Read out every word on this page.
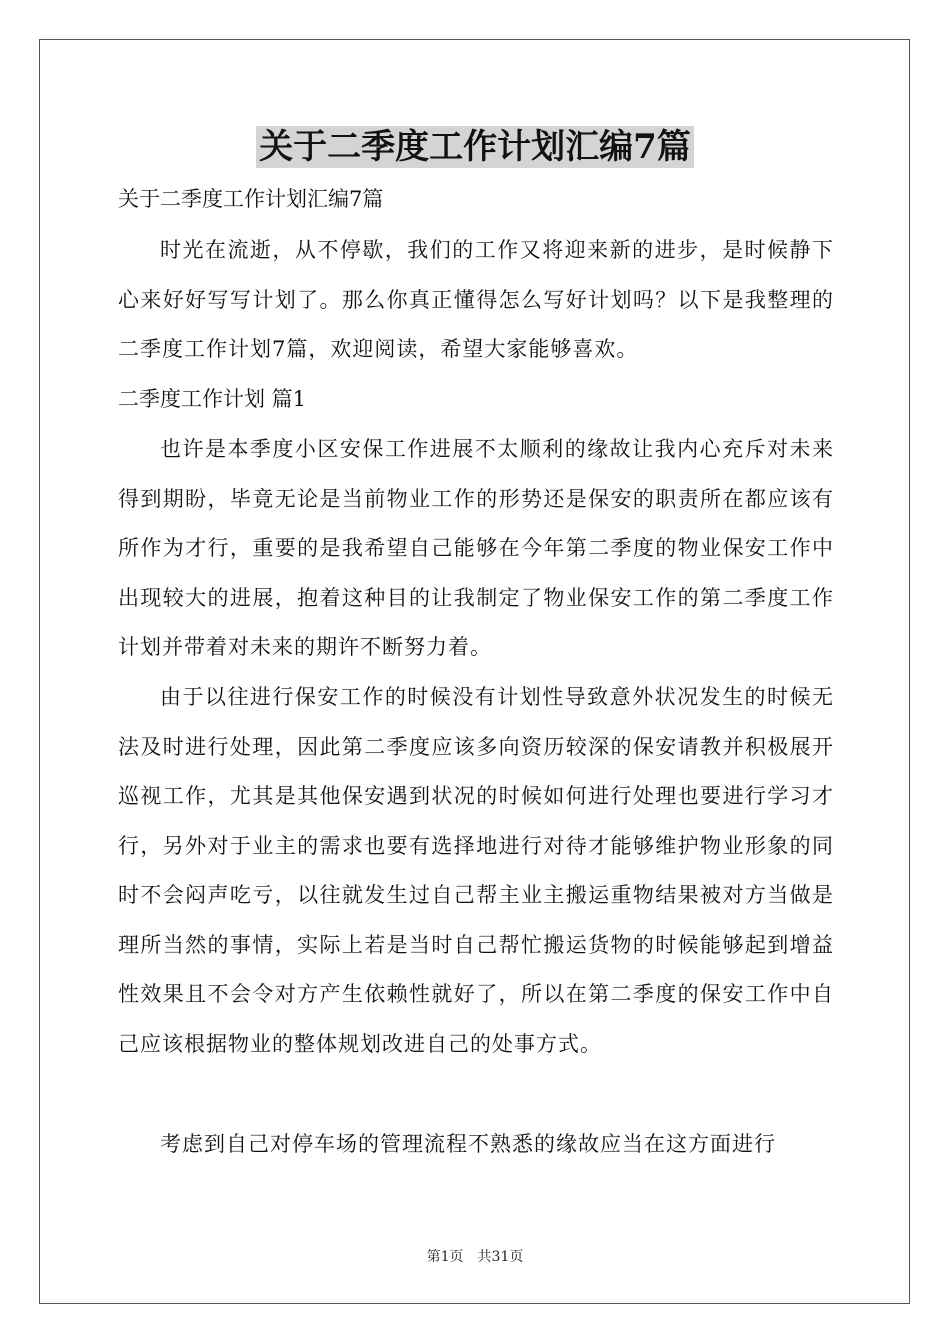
关于二季度工作计划汇编7篇
关于二季度工作计划汇编7篇

时光在流逝，从不停歇，我们的工作又将迎来新的进步，是时候静下心来好好写写计划了。那么你真正懂得怎么写好计划吗？以下是我整理的二季度工作计划7篇，欢迎阅读，希望大家能够喜欢。

二季度工作计划 篇1

也许是本季度小区安保工作进展不太顺利的缘故让我内心充斥对未来得到期盼，毕竟无论是当前物业工作的形势还是保安的职责所在都应该有所作为才行，重要的是我希望自己能够在今年第二季度的物业保安工作中出现较大的进展，抱着这种目的让我制定了物业保安工作的第二季度工作计划并带着对未来的期许不断努力着。

由于以往进行保安工作的时候没有计划性导致意外状况发生的时候无法及时进行处理，因此第二季度应该多向资历较深的保安请教并积极展开巡视工作，尤其是其他保安遇到状况的时候如何进行处理也要进行学习才行，另外对于业主的需求也要有选择地进行对待才能够维护物业形象的同时不会闷声吃亏，以往就发生过自己帮主业主搬运重物结果被对方当做是理所当然的事情，实际上若是当时自己帮忙搬运货物的时候能够起到增益性效果且不会令对方产生依赖性就好了，所以在第二季度的保安工作中自己应该根据物业的整体规划改进自己的处事方式。

考虑到自己对停车场的管理流程不熟悉的缘故应当在这方面进行

第1页　共31页
